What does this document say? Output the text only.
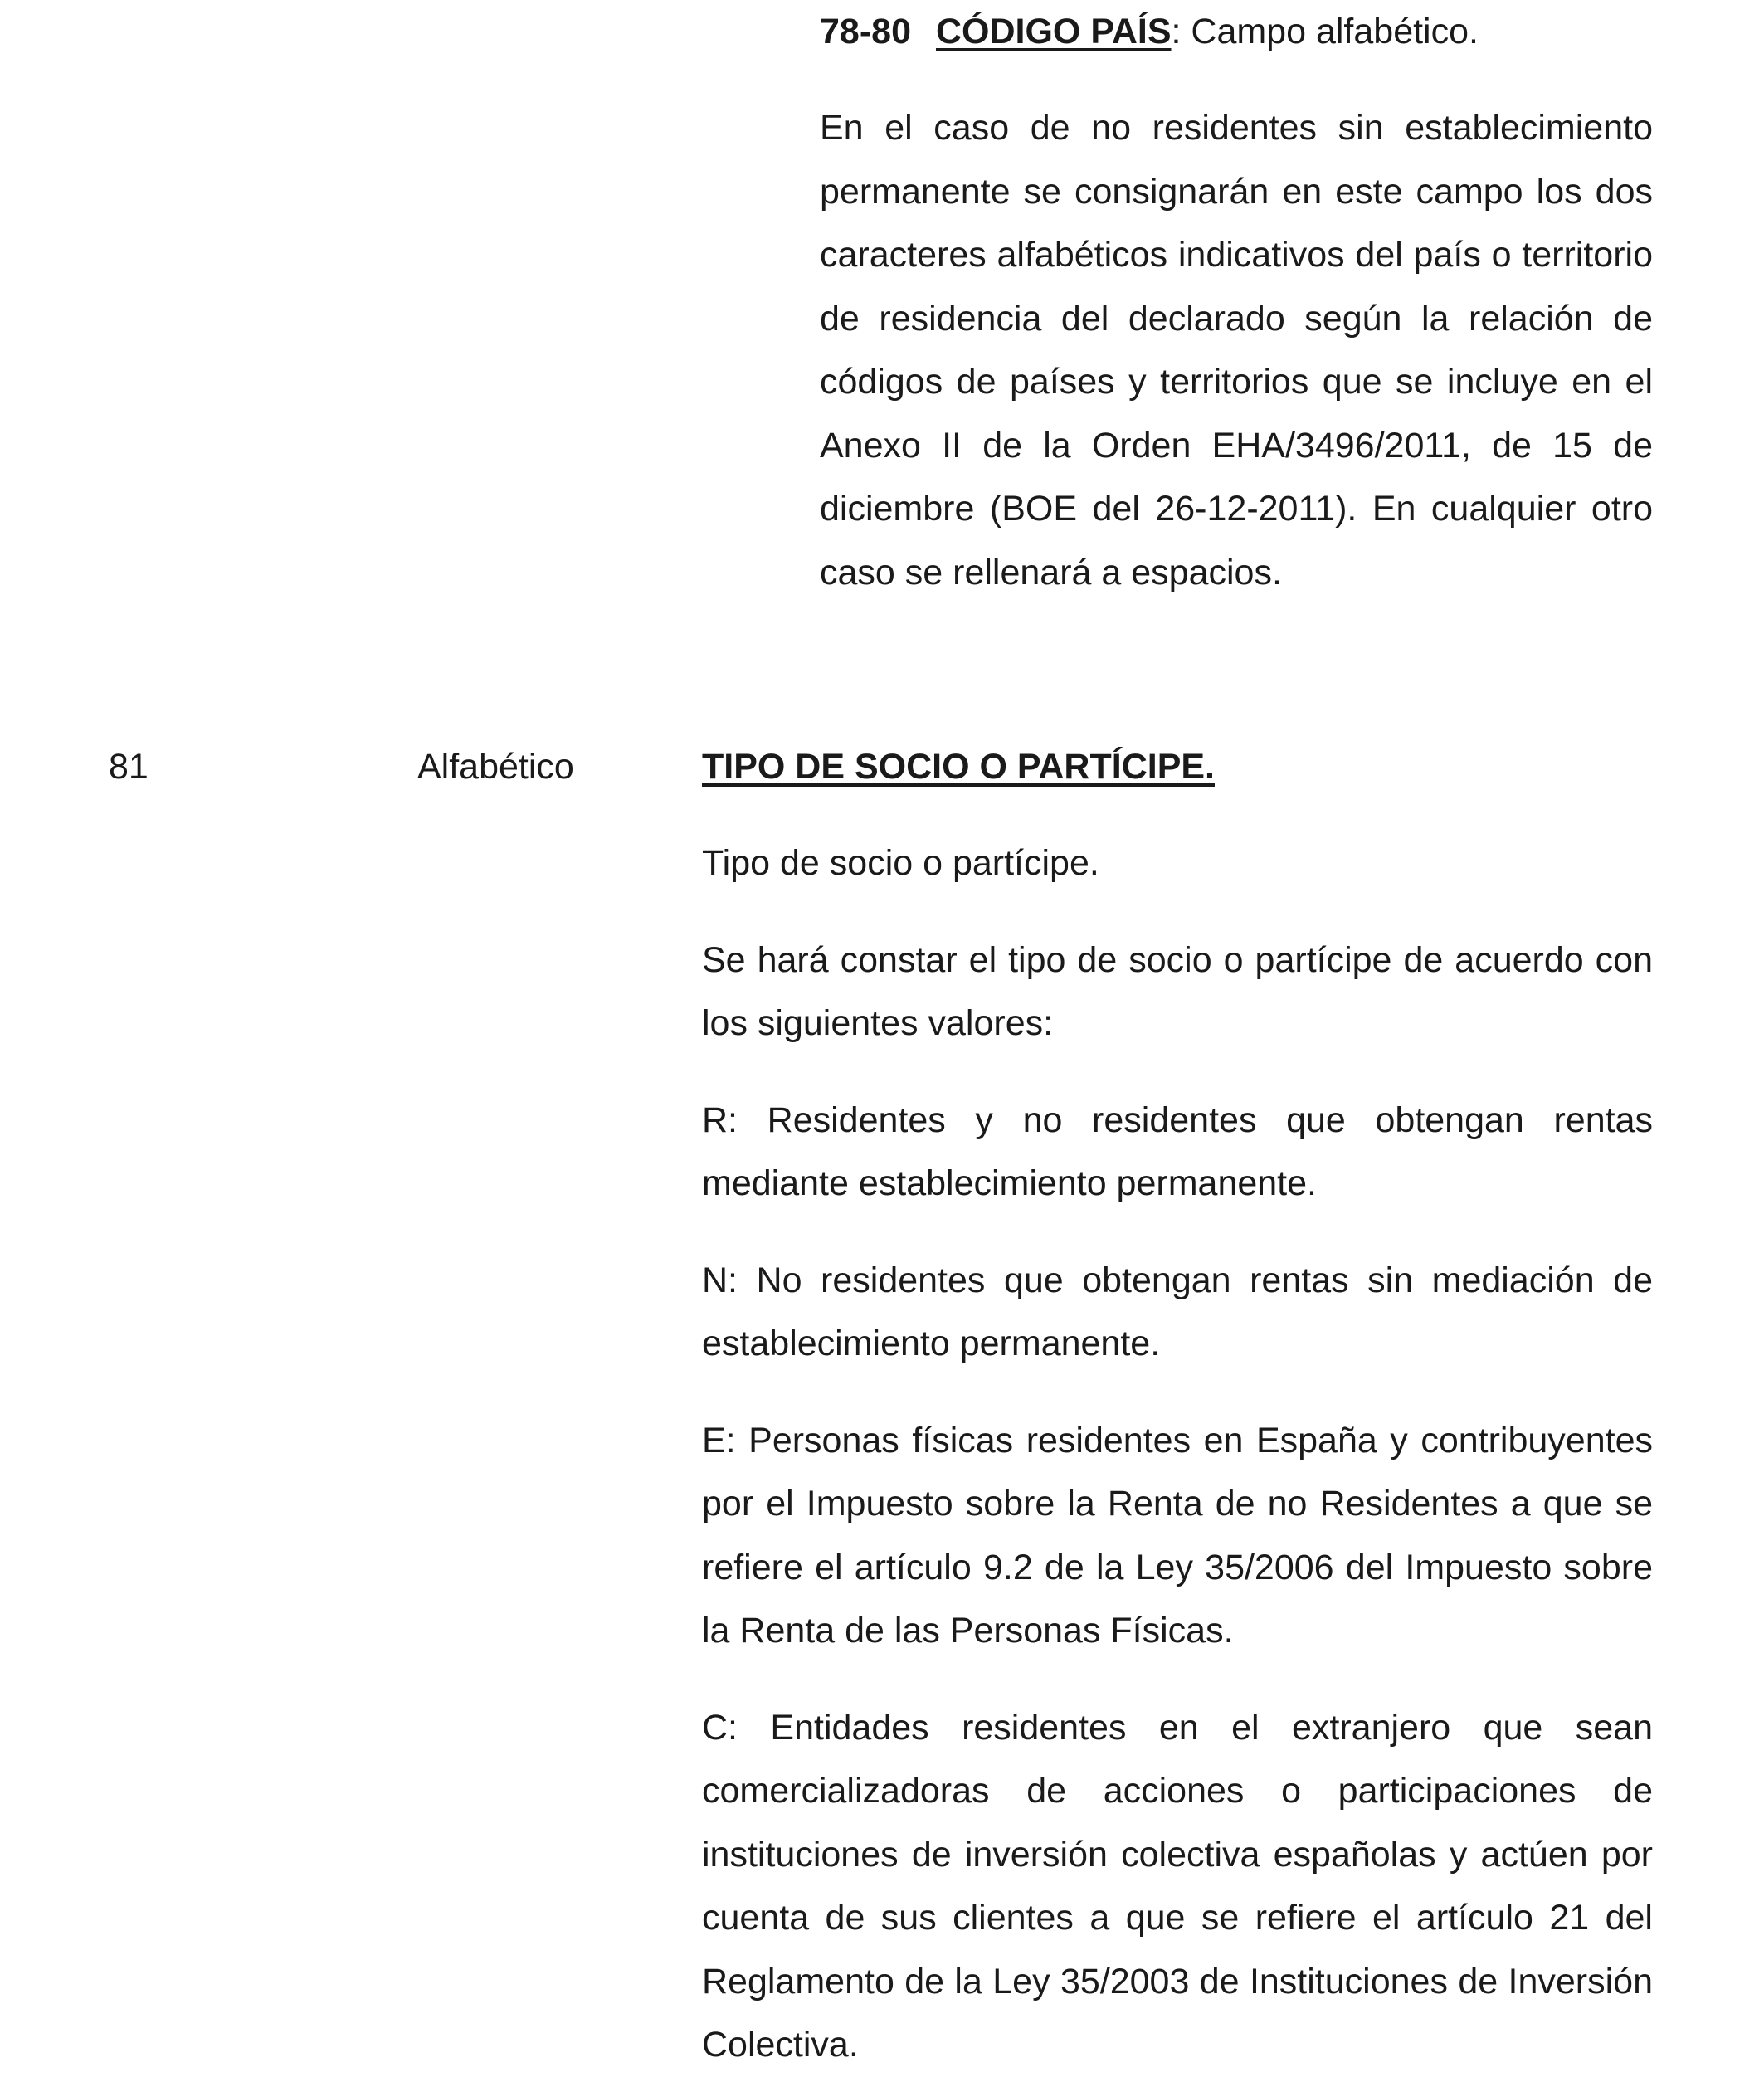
78-80 CÓDIGO PAÍS: Campo alfabético.

En el caso de no residentes sin establecimiento permanente se consignarán en este campo los dos caracteres alfabéticos indicativos del país o territorio de residencia del declarado según la relación de códigos de países y territorios que se incluye en el Anexo II de la Orden EHA/3496/2011, de 15 de diciembre (BOE del 26-12-2011). En cualquier otro caso se rellenará a espacios.

81	Alfabético	TIPO DE SOCIO O PARTÍCIPE.

Tipo de socio o partícipe.

Se hará constar el tipo de socio o partícipe de acuerdo con los siguientes valores:

R: Residentes y no residentes que obtengan rentas mediante establecimiento permanente.

N: No residentes que obtengan rentas sin mediación de establecimiento permanente.

E: Personas físicas residentes en España y contribuyentes por el Impuesto sobre la Renta de no Residentes a que se refiere el artículo 9.2 de la Ley 35/2006 del Impuesto sobre la Renta de las Personas Físicas.

C: Entidades residentes en el extranjero que sean comercializadoras de acciones o participaciones de instituciones de inversión colectiva españolas y actúen por cuenta de sus clientes a que se refiere el artículo 21 del Reglamento de la Ley 35/2003 de Instituciones de Inversión Colectiva.
